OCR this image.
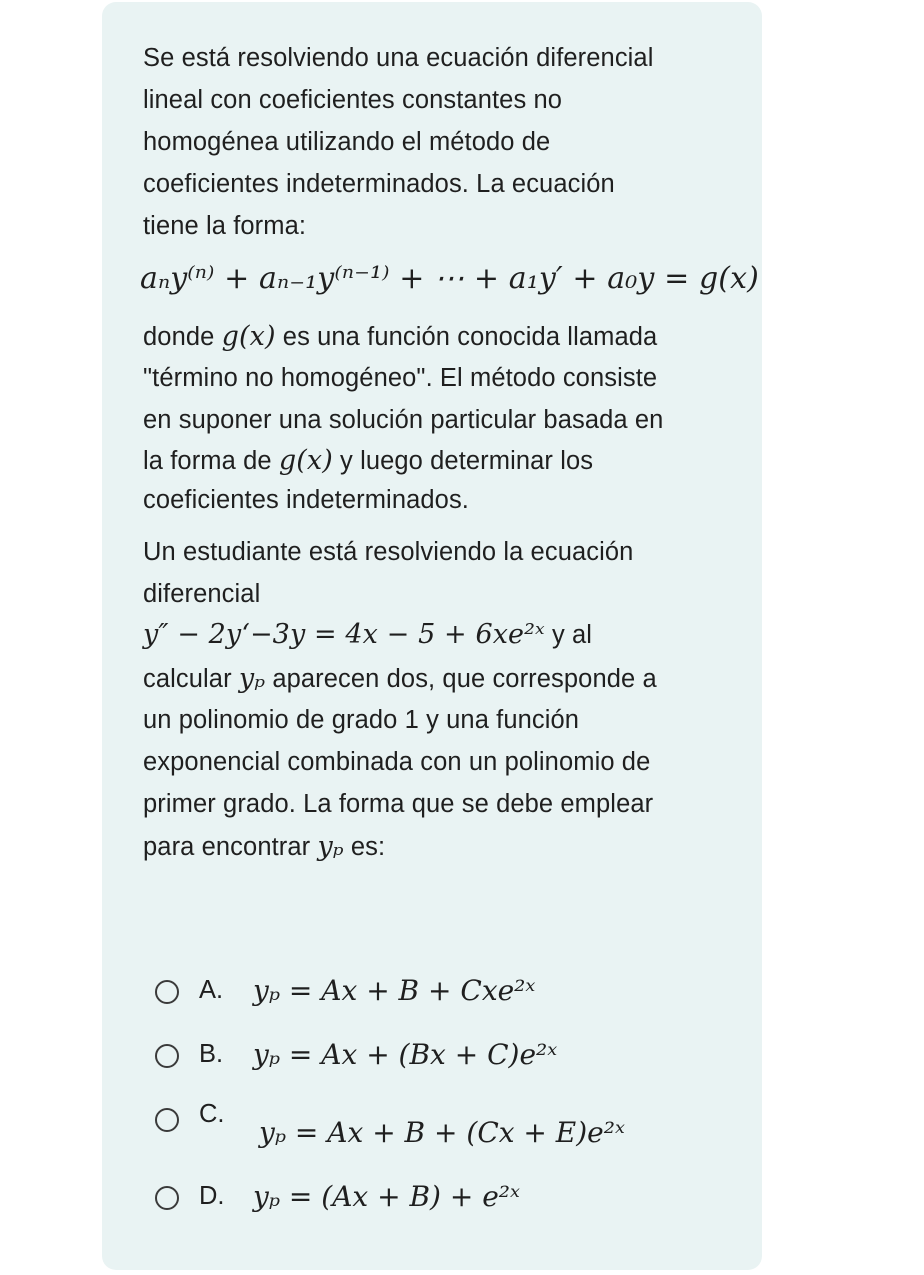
Se está resolviendo una ecuación diferencial
lineal con coeficientes constantes no
homogénea utilizando el método de
coeficientes indeterminados. La ecuación
tiene la forma:
aₙy⁽ⁿ⁾ + aₙ₋₁y⁽ⁿ⁻¹⁾ + ⋯ + a₁y′ + a₀y = g(x)
donde g(x) es una función conocida llamada
"término no homogéneo". El método consiste
en suponer una solución particular basada en
la forma de g(x) y luego determinar los
coeficientes indeterminados.
Un estudiante está resolviendo la ecuación
diferencial
y″ − 2y‘−3y = 4x − 5 + 6xe²ˣ y al
calcular yₚ aparecen dos, que corresponde a
un polinomio de grado 1 y una función
exponencial combinada con un polinomio de
primer grado. La forma que se debe emplear
para encontrar yₚ es:
A. yₚ = Ax + B + Cxe²ˣ
B. yₚ = Ax + (Bx + C)e²ˣ
C.
yₚ = Ax + B + (Cx + E)e²ˣ
D. yₚ = (Ax + B) + e²ˣ
